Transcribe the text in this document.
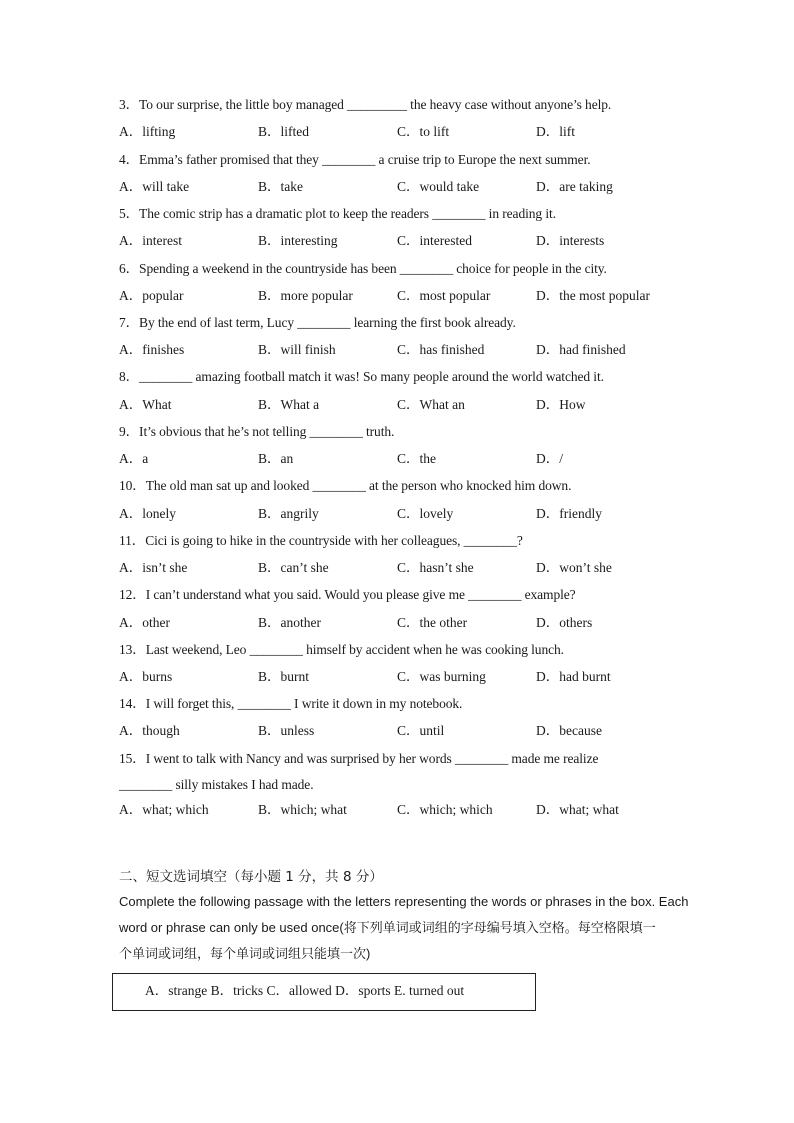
3．To our surprise, the little boy managed _________ the heavy case without anyone’s help.
A．lifting	B．lifted	C．to lift	D．lift
4．Emma’s father promised that they ________ a cruise trip to Europe the next summer.
A．will take	B．take	C．would take	D．are taking
5．The comic strip has a dramatic plot to keep the readers ________ in reading it.
A．interest	B．interesting	C．interested	D．interests
6．Spending a weekend in the countryside has been ________ choice for people in the city.
A．popular	B．more popular	C．most popular	D．the most popular
7．By the end of last term, Lucy ________ learning the first book already.
A．finishes	B．will finish	C．has finished	D．had finished
8．________ amazing football match it was! So many people around the world watched it.
A．What	B．What a	C．What an	D．How
9．It’s obvious that he’s not telling ________ truth.
A．a	B．an	C．the	D．/
10．The old man sat up and looked ________ at the person who knocked him down.
A．lonely	B．angrily	C．lovely	D．friendly
11．Cici is going to hike in the countryside with her colleagues, ________?
A．isn’t she	B．can’t she	C．hasn’t she	D．won’t she
12．I can’t understand what you said. Would you please give me ________ example?
A．other	B．another	C．the other	D．others
13．Last weekend, Leo ________ himself by accident when he was cooking lunch.
A．burns	B．burnt	C．was burning	D．had burnt
14．I will forget this, ________ I write it down in my notebook.
A．though	B．unless	C．until	D．because
15．I went to talk with Nancy and was surprised by her words ________ made me realize
________ silly mistakes I had made.
A．what; which	B．which; what	C．which; which	D．what; what
二、短文选词填空（每小题 1 分，共 8 分）
Complete the following passage with the letters representing the words or phrases in the box. Each
word or phrase can only be used once(将下列单词或词组的字母编号填入空格。每空格限填一
个单词或词组，每个单词或词组只能填一次)
A．strange B．tricks C．allowed D．sports E. turned out
